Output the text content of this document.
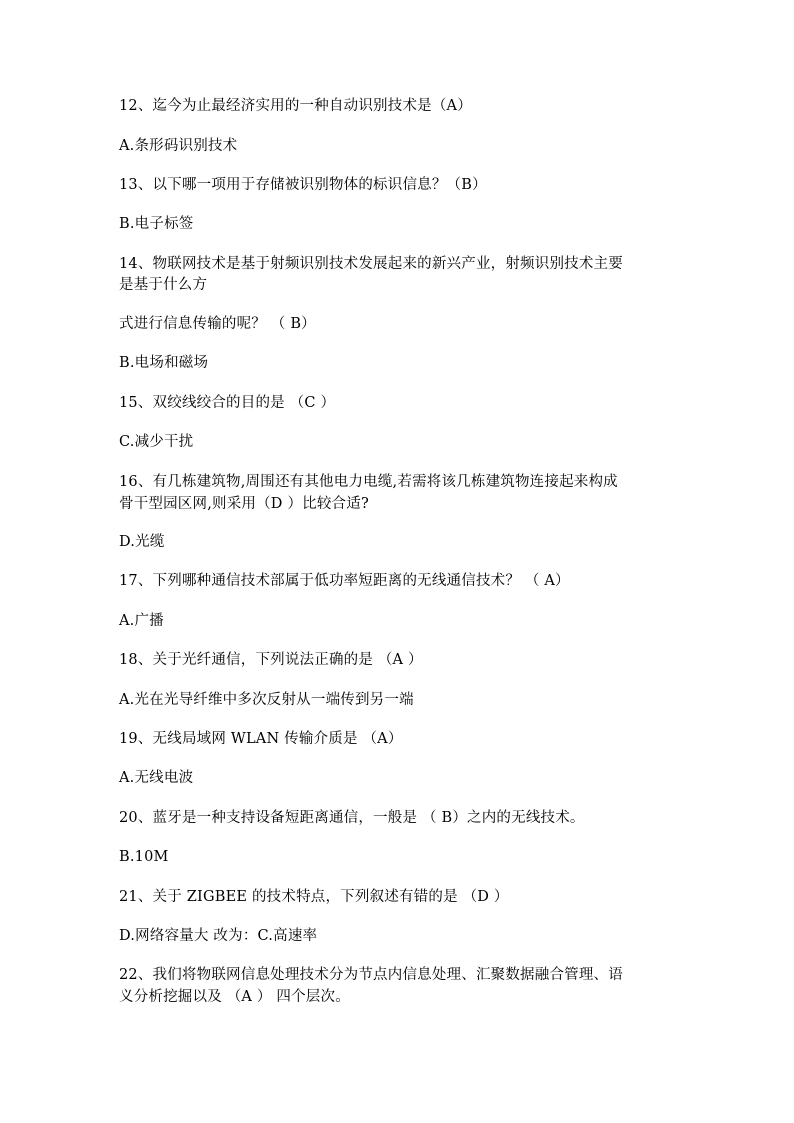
12、迄今为止最经济实用的一种自动识别技术是（A）
A.条形码识别技术
13、以下哪一项用于存储被识别物体的标识信息？（B）
B.电子标签
14、物联网技术是基于射频识别技术发展起来的新兴产业，射频识别技术主要
是基于什么方
式进行信息传输的呢？ （ B）
B.电场和磁场
15、双绞线绞合的目的是 （C ）
C.减少干扰
16、有几栋建筑物,周围还有其他电力电缆,若需将该几栋建筑物连接起来构成
骨干型园区网,则采用（D ）比较合适?
D.光缆
17、下列哪种通信技术部属于低功率短距离的无线通信技术？ （ A）
A.广播
18、关于光纤通信，下列说法正确的是 （A ）
A.光在光导纤维中多次反射从一端传到另一端
19、无线局域网 WLAN 传输介质是 （A）
A.无线电波
20、蓝牙是一种支持设备短距离通信，一般是 （ B）之内的无线技术。
B.10M
21、关于 ZIGBEE 的技术特点，下列叙述有错的是 （D ）
D.网络容量大 改为：C.高速率
22、我们将物联网信息处理技术分为节点内信息处理、汇聚数据融合管理、语
义分析挖掘以及 （A ） 四个层次。
